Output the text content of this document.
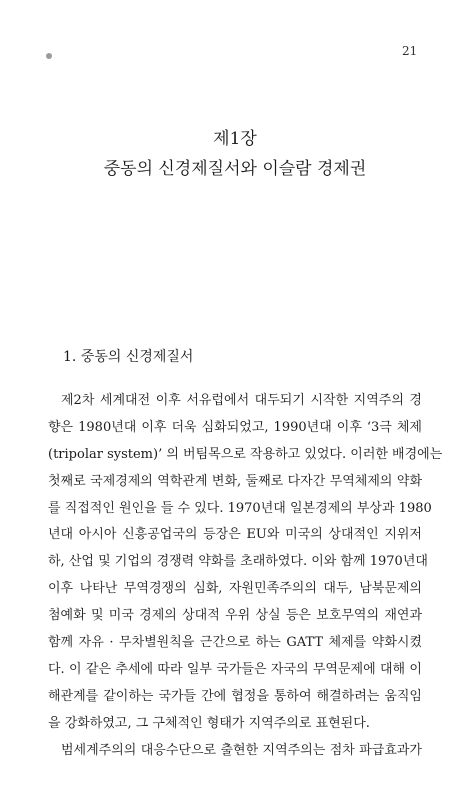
21
제1장
중동의 신경제질서와 이슬람 경제권
1. 중동의 신경제질서
제2차 세계대전 이후 서유럽에서 대두되기 시작한 지역주의 경
향은 1980년대 이후 더욱 심화되었고, 1990년대 이후 ‘3극 체제
(tripolar system)’ 의 버팀목으로 작용하고 있었다. 이러한 배경에는
첫째로 국제경제의 역학관계 변화, 둘째로 다자간 무역체제의 약화
를 직접적인 원인을 들 수 있다. 1970년대 일본경제의 부상과 1980
년대 아시아 신흥공업국의 등장은 EU와 미국의 상대적인 지위저
하, 산업 및 기업의 경쟁력 약화를 초래하였다. 이와 함께 1970년대
이후 나타난 무역경쟁의 심화, 자원민족주의의 대두, 남북문제의
첨예화 및 미국 경제의 상대적 우위 상실 등은 보호무역의 재연과
함께 자유 · 무차별원칙을 근간으로 하는 GATT 체제를 약화시켰
다. 이 같은 추세에 따라 일부 국가들은 자국의 무역문제에 대해 이
해관계를 같이하는 국가들 간에 협정을 통하여 해결하려는 움직임
을 강화하였고, 그 구체적인 형태가 지역주의로 표현된다.
범세계주의의 대응수단으로 출현한 지역주의는 점차 파급효과가
